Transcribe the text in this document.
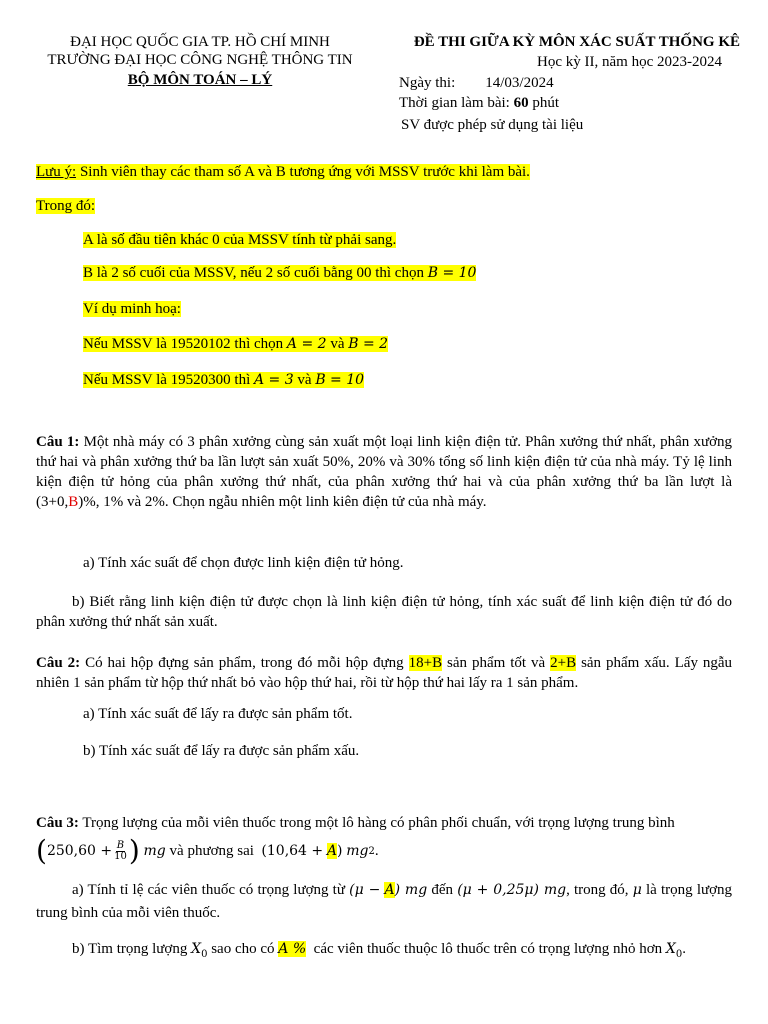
ĐẠI HỌC QUỐC GIA TP. HỒ CHÍ MINH
TRƯỜNG ĐẠI HỌC CÔNG NGHỆ THÔNG TIN
BỘ MÔN TOÁN – LÝ
ĐỀ THI GIỮA KỲ MÔN XÁC SUẤT THỐNG KÊ
Học kỳ II, năm học 2023-2024
Ngày thi: 14/03/2024
Thời gian làm bài: 60 phút
SV được phép sử dụng tài liệu
Lưu ý: Sinh viên thay các tham số A và B tương ứng với MSSV trước khi làm bài.
Trong đó:
A là số đầu tiên khác 0 của MSSV tính từ phải sang.
B là 2 số cuối của MSSV, nếu 2 số cuối bằng 00 thì chọn B = 10
Ví dụ minh hoạ:
Nếu MSSV là 19520102 thì chọn A = 2 và B = 2
Nếu MSSV là 19520300 thì A = 3 và B = 10
Câu 1: Một nhà máy có 3 phân xưởng cùng sản xuất một loại linh kiện điện tử. Phân xưởng thứ nhất, phân xưởng thứ hai và phân xưởng thứ ba lần lượt sản xuất 50%, 20% và 30% tổng số linh kiện điện tử của nhà máy. Tỷ lệ linh kiện điện tử hỏng của phân xưởng thứ nhất, của phân xưởng thứ hai và của phân xưởng thứ ba lần lượt là (3+0,B)%, 1% và 2%. Chọn ngẫu nhiên một linh kiên điện tử của nhà máy.
a) Tính xác suất để chọn được linh kiện điện tử hỏng.
b) Biết rằng linh kiện điện tử được chọn là linh kiện điện tử hỏng, tính xác suất để linh kiện điện tử đó do phân xưởng thứ nhất sản xuất.
Câu 2: Có hai hộp đựng sản phẩm, trong đó mỗi hộp đựng 18+B sản phẩm tốt và 2+B sản phẩm xấu. Lấy ngẫu nhiên 1 sản phẩm từ hộp thứ nhất bỏ vào hộp thứ hai, rồi từ hộp thứ hai lấy ra 1 sản phẩm.
a) Tính xác suất để lấy ra được sản phẩm tốt.
b) Tính xác suất để lấy ra được sản phẩm xấu.
Câu 3: Trọng lượng của mỗi viên thuốc trong một lô hàng có phân phối chuẩn, với trọng lượng trung bình
( $250,60 + \frac{B}{10}$ )
mg
và phương sai
(10,64 +
A )
mg 2 .
a) Tính tỉ lệ các viên thuốc có trọng lượng từ (μ − A) mg đến (μ + 0,25μ) mg, trong đó, μ là trọng lượng trung bình của mỗi viên thuốc.
b) Tìm trọng lượng $X_0$ sao cho có A % các viên thuốc thuộc lô thuốc trên có trọng lượng nhỏ hơn $X_0$.
